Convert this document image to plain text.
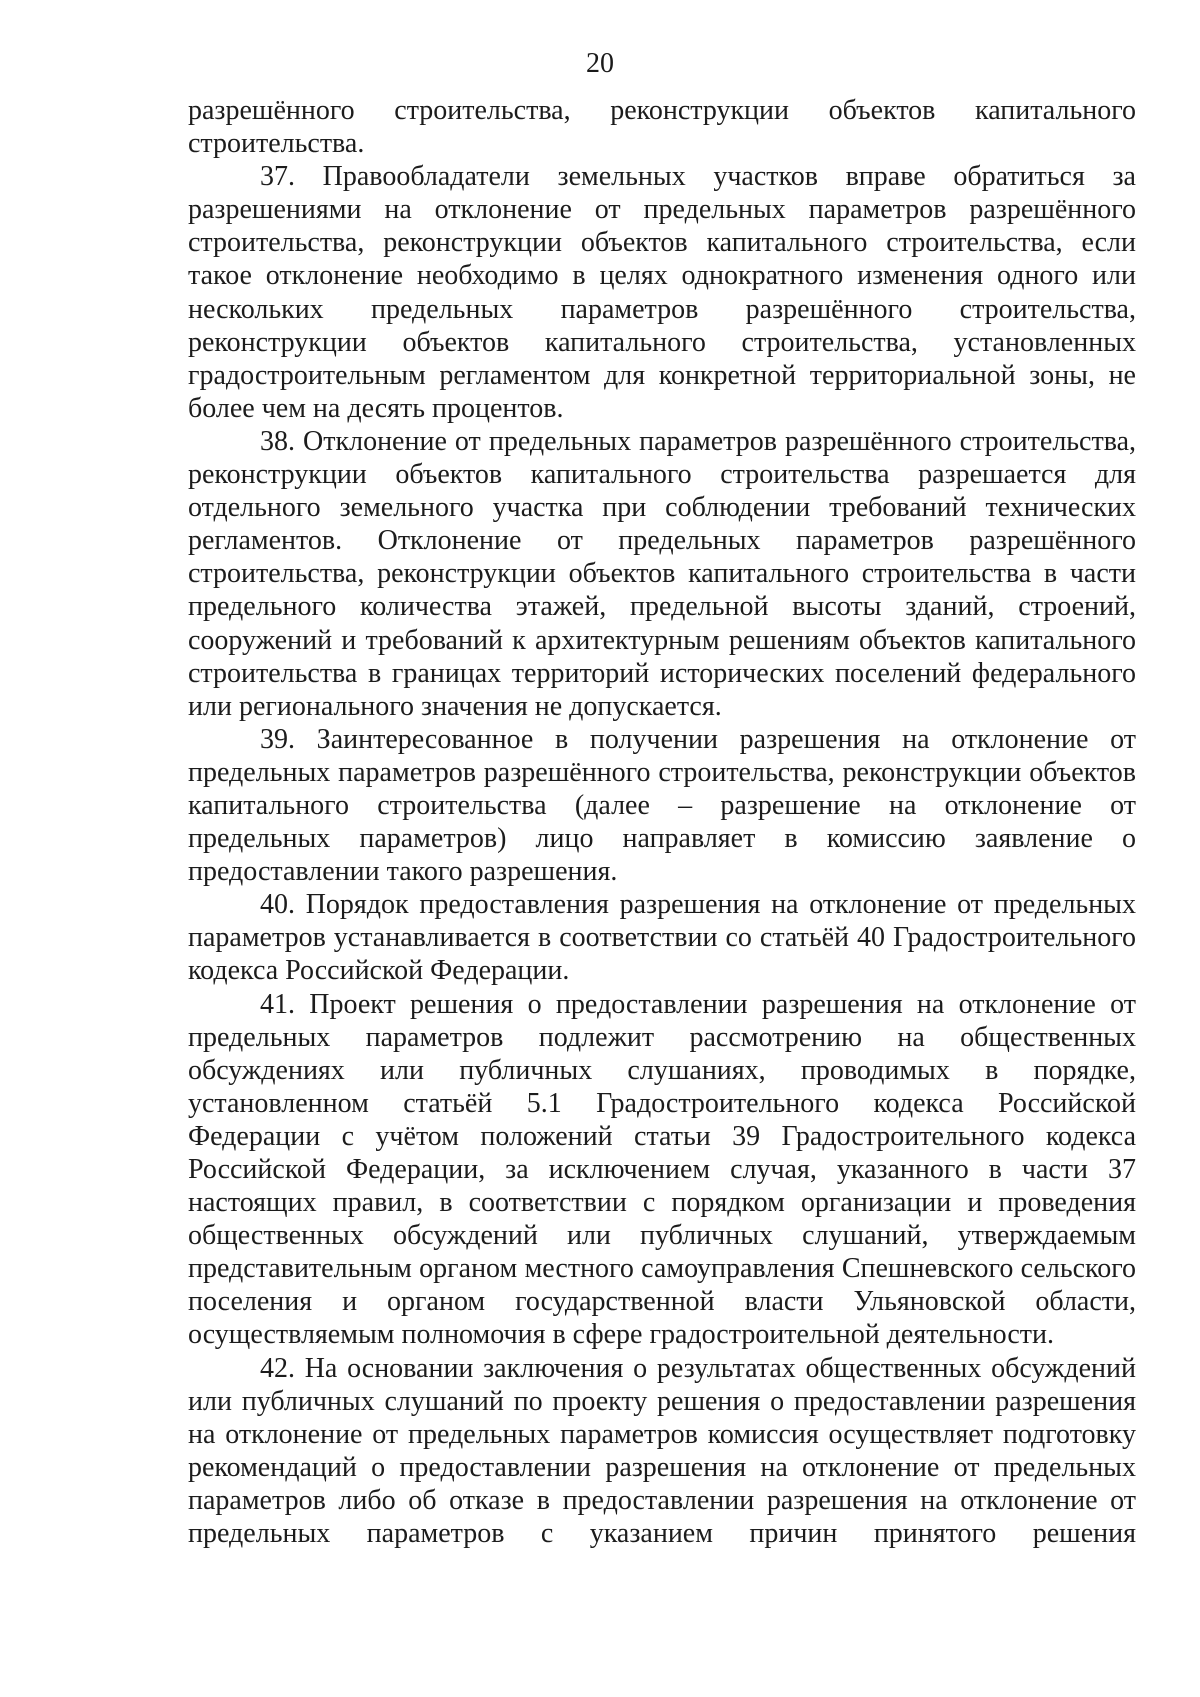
20

разрешённого строительства, реконструкции объектов капитального строительства.

37. Правообладатели земельных участков вправе обратиться за разрешениями на отклонение от предельных параметров разрешённого строительства, реконструкции объектов капитального строительства, если такое отклонение необходимо в целях однократного изменения одного или нескольких предельных параметров разрешённого строительства, реконструкции объектов капитального строительства, установленных градостроительным регламентом для конкретной территориальной зоны, не более чем на десять процентов.

38. Отклонение от предельных параметров разрешённого строительства, реконструкции объектов капитального строительства разрешается для отдельного земельного участка при соблюдении требований технических регламентов. Отклонение от предельных параметров разрешённого строительства, реконструкции объектов капитального строительства в части предельного количества этажей, предельной высоты зданий, строений, сооружений и требований к архитектурным решениям объектов капитального строительства в границах территорий исторических поселений федерального или регионального значения не допускается.

39. Заинтересованное в получении разрешения на отклонение от предельных параметров разрешённого строительства, реконструкции объектов капитального строительства (далее – разрешение на отклонение от предельных параметров) лицо направляет в комиссию заявление о предоставлении такого разрешения.

40. Порядок предоставления разрешения на отклонение от предельных параметров устанавливается в соответствии со статьёй 40 Градостроительного кодекса Российской Федерации.

41. Проект решения о предоставлении разрешения на отклонение от предельных параметров подлежит рассмотрению на общественных обсуждениях или публичных слушаниях, проводимых в порядке, установленном статьёй 5.1 Градостроительного кодекса Российской Федерации с учётом положений статьи 39 Градостроительного кодекса Российской Федерации, за исключением случая, указанного в части 37 настоящих правил, в соответствии с порядком организации и проведения общественных обсуждений или публичных слушаний, утверждаемым представительным органом местного самоуправления Спешневского сельского поселения и органом государственной власти Ульяновской области, осуществляемым полномочия в сфере градостроительной деятельности.

42. На основании заключения о результатах общественных обсуждений или публичных слушаний по проекту решения о предоставлении разрешения на отклонение от предельных параметров комиссия осуществляет подготовку рекомендаций о предоставлении разрешения на отклонение от предельных параметров либо об отказе в предоставлении разрешения на отклонение от предельных параметров с указанием причин принятого решения
